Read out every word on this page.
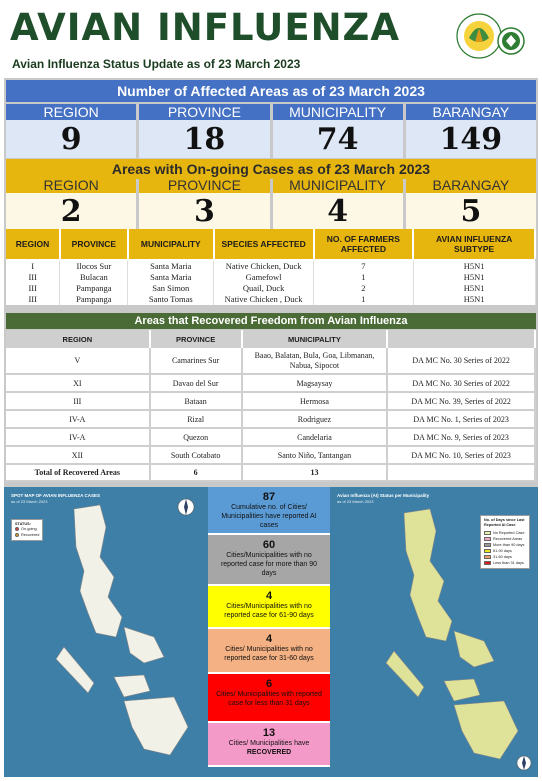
AVIAN INFLUENZA
Avian Influenza Status Update as of 23 March 2023
Number of Affected Areas as of 23 March 2023
REGION
9
PROVINCE
18
MUNICIPALITY
74
BARANGAY
149
Areas with On-going Cases as of 23 March 2023
REGION
2
PROVINCE
3
MUNICIPALITY
4
BARANGAY
5
REGION	PROVINCE	MUNICIPALITY	SPECIES AFFECTED	NO. OF FARMERS AFFECTED	AVIAN INFLUENZA SUBTYPE

I	Ilocos Sur	Santa Maria	Native Chicken, Duck	7	H5N1
III	Bulacan	Santa Maria	Gamefowl	1	H5N1
III	Pampanga	San Simon	Quail, Duck	2	H5N1
III	Pampanga	Santo Tomas	Native Chicken , Duck	1	H5N1
Areas that Recovered Freedom from Avian Influenza
REGION	PROVINCE	MUNICIPALITY	
V	Camarines Sur	Baao, Balatan, Bula, Goa, Libmanan, Nabua, Sipocot	DA MC No. 30 Series of 2022
XI	Davao del Sur	Magsaysay	DA MC No. 30 Series of 2022
III	Bataan	Hermosa	DA MC No. 39, Series of 2022
IV-A	Rizal	Rodriguez	DA MC No. 1, Series of 2023
IV-A	Quezon	Candelaria	DA MC No. 9, Series of 2023
XII	South Cotabato	Santo Niño, Tantangan	DA MC No. 10, Series of 2023
Total of Recovered Areas	6	13	
SPOT MAP OF AVIAN INFLUENZA CASES
as of 23 March 2023
STATUS:
On-going
Recovered
Avian Influenza (AI) Status per Municipality
as of 23 March 2023
No. of Days since Last Reported AI Case
No Reported Case
Recovered Areas
More than 90 days
61-90 days
31-60 days
Less than 31 days
87
Cumulative no. of Cities/ Municipalities have reported AI cases
60
Cities/Municipalities with no reported case for more than 90 days
4
Cities/Municipalities with no reported case for 61-90 days
4
Cities/ Municipalities with no reported case for 31-60 days
6
Cities/ Municipalities with reported case for less than 31 days
13
Cities/ Municipalities have
RECOVERED
